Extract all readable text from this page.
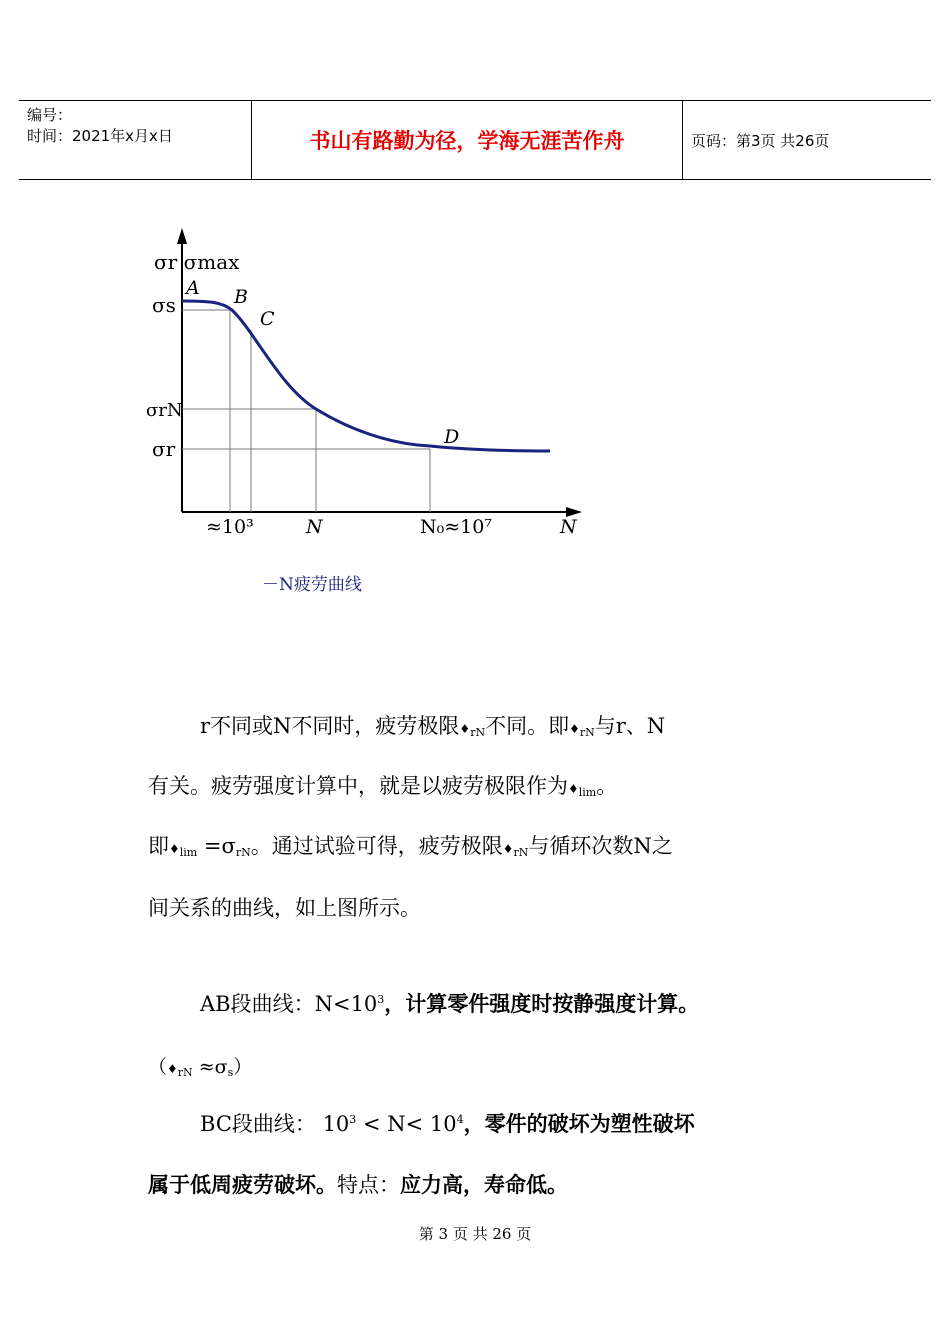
编号：
时间：2021年x月x日	书山有路勤为径，学海无涯苦作舟	页码：第3页 共26页
σr σmax
σs
σrN
σr
A B
C
D
≈10³	N	N₀≈10⁷	N
－N疲劳曲线
r不同或N不同时，疲劳极限$♦_{rN}$不同。即$♦_{rN}$与r、N
有关。疲劳强度计算中，就是以疲劳极限作为$♦_{lim}$。
即$♦_{lim} =\sigma_{rN}$。通过试验可得，疲劳极限$♦_{rN}$与循环次数N之
间关系的曲线，如上图所示。
AB段曲线：$N<10^3$，计算零件强度时按静强度计算。
$(♦_{rN} \approx\sigma_s)$
BC段曲线： $10^3 < N< 10^4$，零件的破坏为塑性破坏
属于低周疲劳破坏。特点：应力高，寿命低。
第 3 页 共 26 页
